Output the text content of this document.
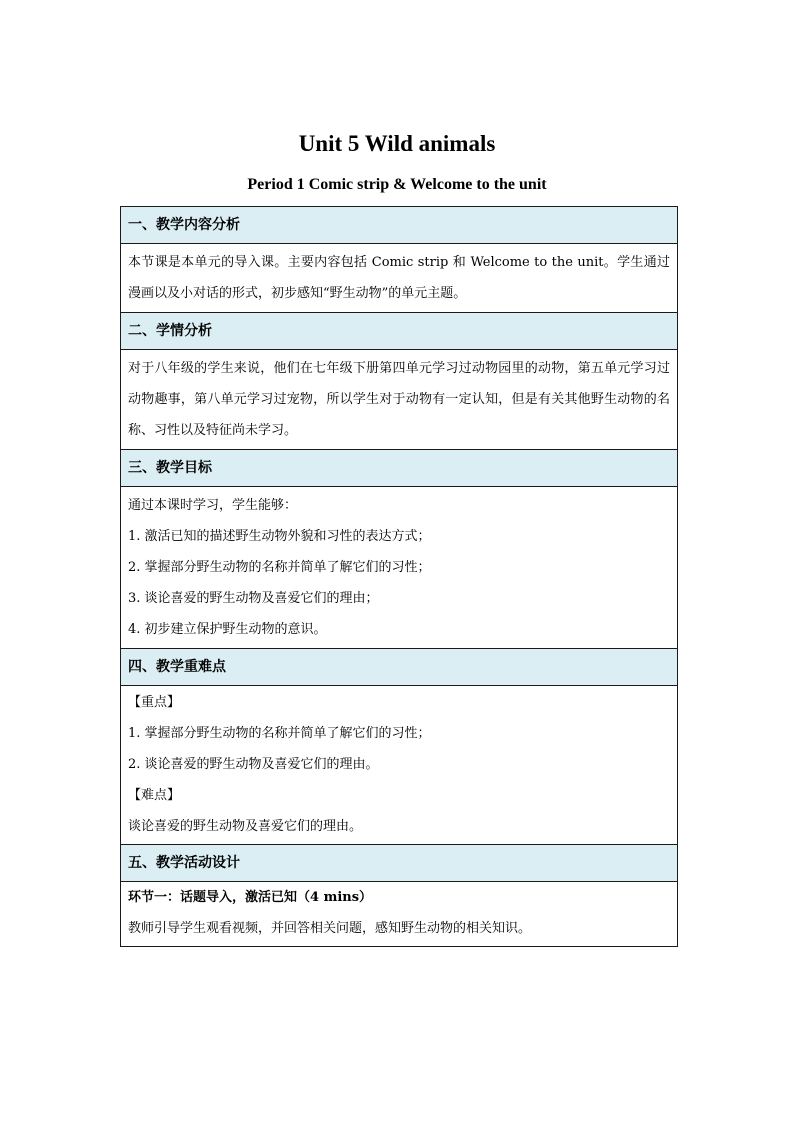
Unit 5 Wild animals
Period 1 Comic strip & Welcome to the unit
一、教学内容分析

本节课是本单元的导入课。主要内容包括 Comic strip 和 Welcome to the unit。学生通过漫画以及小对话的形式，初步感知“野生动物”的单元主题。

二、学情分析

对于八年级的学生来说，他们在七年级下册第四单元学习过动物园里的动物，第五单元学习过动物趣事，第八单元学习过宠物，所以学生对于动物有一定认知，但是有关其他野生动物的名称、习性以及特征尚未学习。

三、教学目标

通过本课时学习，学生能够：
1. 激活已知的描述野生动物外貌和习性的表达方式；
2. 掌握部分野生动物的名称并简单了解它们的习性；
3. 谈论喜爱的野生动物及喜爱它们的理由；
4. 初步建立保护野生动物的意识。

四、教学重难点

【重点】
1. 掌握部分野生动物的名称并简单了解它们的习性；
2. 谈论喜爱的野生动物及喜爱它们的理由。
【难点】
谈论喜爱的野生动物及喜爱它们的理由。

五、教学活动设计

环节一：话题导入，激活已知（4 mins）
教师引导学生观看视频，并回答相关问题，感知野生动物的相关知识。
